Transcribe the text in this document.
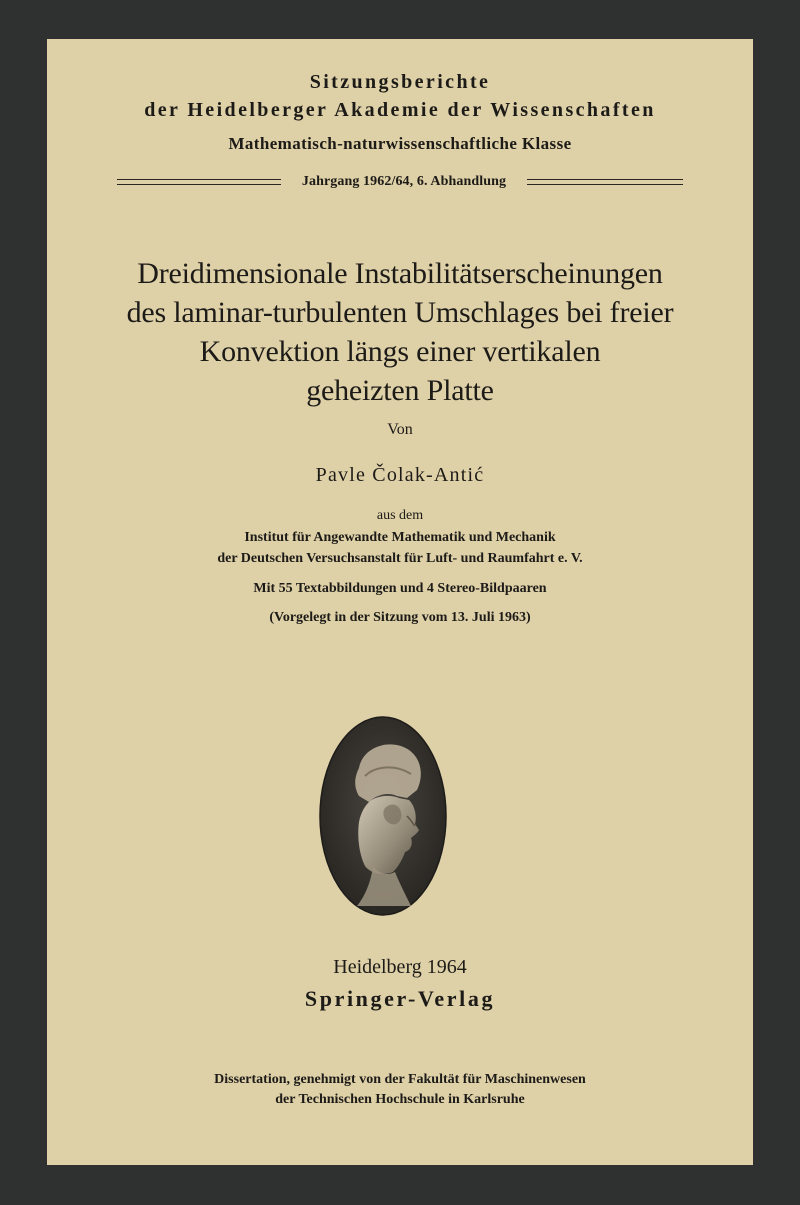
Sitzungsberichte
der Heidelberger Akademie der Wissenschaften
Mathematisch-naturwissenschaftliche Klasse
Jahrgang 1962/64, 6. Abhandlung
Dreidimensionale Instabilitätserscheinungen
des laminar-turbulenten Umschlages bei freier
Konvektion längs einer vertikalen
geheizten Platte
Von
Pavle Čolak-Antić
aus dem
Institut für Angewandte Mathematik und Mechanik
der Deutschen Versuchsanstalt für Luft- und Raumfahrt e. V.
Mit 55 Textabbildungen und 4 Stereo-Bildpaaren
(Vorgelegt in der Sitzung vom 13. Juli 1963)
Heidelberg 1964
Springer-Verlag
Dissertation, genehmigt von der Fakultät für Maschinenwesen
der Technischen Hochschule in Karlsruhe
